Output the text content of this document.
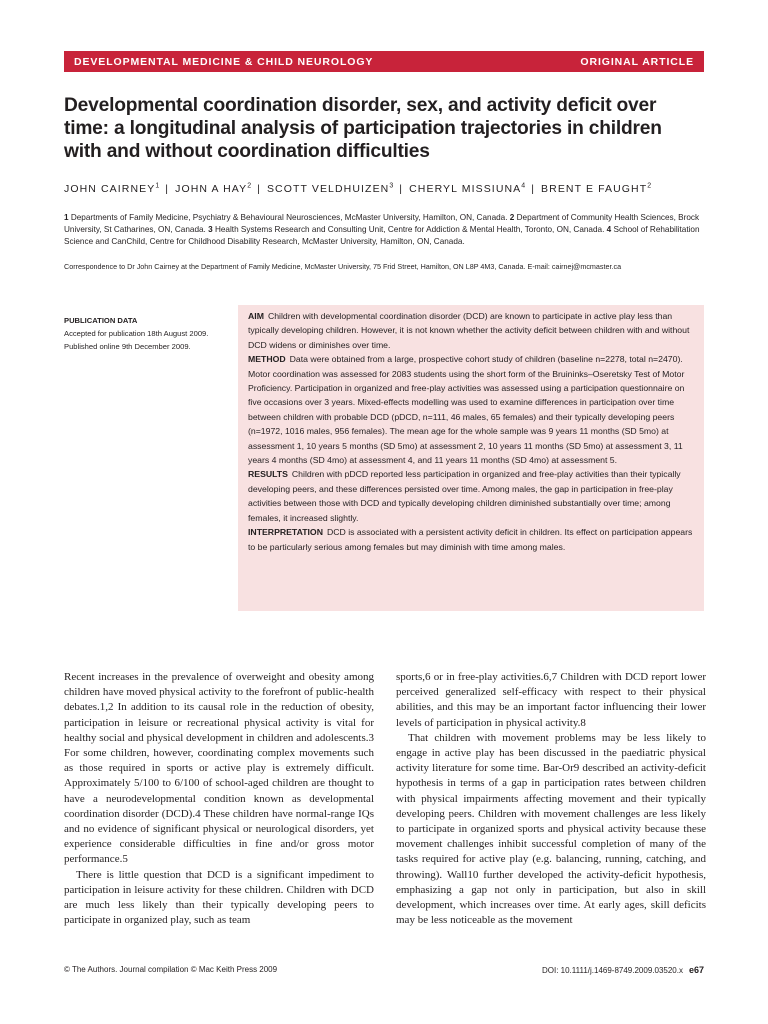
DEVELOPMENTAL MEDICINE & CHILD NEUROLOGY	ORIGINAL ARTICLE
Developmental coordination disorder, sex, and activity deficit over time: a longitudinal analysis of participation trajectories in children with and without coordination difficulties
JOHN CAIRNEY$^1$ | JOHN A HAY$^2$ | SCOTT VELDHUIZEN$^3$ | CHERYL MISSIUNA$^4$ | BRENT E FAUGHT$^2$
1 Departments of Family Medicine, Psychiatry & Behavioural Neurosciences, McMaster University, Hamilton, ON, Canada. 2 Department of Community Health Sciences, Brock University, St Catharines, ON, Canada. 3 Health Systems Research and Consulting Unit, Centre for Addiction & Mental Health, Toronto, ON, Canada. 4 School of Rehabilitation Science and CanChild, Centre for Childhood Disability Research, McMaster University, Hamilton, ON, Canada.
Correspondence to Dr John Cairney at the Department of Family Medicine, McMaster University, 75 Frid Street, Hamilton, ON L8P 4M3, Canada. E-mail: cairnej@mcmaster.ca
PUBLICATION DATA
Accepted for publication 18th August 2009.
Published online 9th December 2009.

AIM Children with developmental coordination disorder (DCD) are known to participate in active play less than typically developing children. However, it is not known whether the activity deficit between children with and without DCD widens or diminishes over time.

METHOD Data were obtained from a large, prospective cohort study of children (baseline n=2278, total n=2470). Motor coordination was assessed for 2083 students using the short form of the Bruininks–Oseretsky Test of Motor Proficiency. Participation in organized and free-play activities was assessed using a participation questionnaire on five occasions over 3 years. Mixed-effects modelling was used to examine differences in participation over time between children with probable DCD (pDCD, n=111, 46 males, 65 females) and their typically developing peers (n=1972, 1016 males, 956 females). The mean age for the whole sample was 9 years 11 months (SD 5mo) at assessment 1, 10 years 5 months (SD 5mo) at assessment 2, 10 years 11 months (SD 5mo) at assessment 3, 11 years 4 months (SD 4mo) at assessment 4, and 11 years 11 months (SD 4mo) at assessment 5.

RESULTS Children with pDCD reported less participation in organized and free-play activities than their typically developing peers, and these differences persisted over time. Among males, the gap in participation in free-play activities between those with DCD and typically developing children diminished substantially over time; among females, it increased slightly.

INTERPRETATION DCD is associated with a persistent activity deficit in children. Its effect on participation appears to be particularly serious among females but may diminish with time among males.

Recent increases in the prevalence of overweight and obesity among children have moved physical activity to the forefront of public-health debates.1,2 In addition to its causal role in the reduction of obesity, participation in leisure or recreational physical activity is vital for healthy social and physical development in children and adolescents.3 For some children, however, coordinating complex movements such as those required in sports or active play is extremely difficult. Approximately 5/100 to 6/100 of school-aged children are thought to have a neurodevelopmental condition known as developmental coordination disorder (DCD).4 These children have normal-range IQs and no evidence of significant physical or neurological disorders, yet experience considerable difficulties in fine and/or gross motor performance.5

There is little question that DCD is a significant impediment to participation in leisure activity for these children. Children with DCD are much less likely than their typically developing peers to participate in organized play, such as team

sports,6 or in free-play activities.6,7 Children with DCD report lower perceived generalized self-efficacy with respect to their physical abilities, and this may be an important factor influencing their lower levels of participation in physical activity.8

That children with movement problems may be less likely to engage in active play has been discussed in the paediatric physical activity literature for some time. Bar-Or9 described an activity-deficit hypothesis in terms of a gap in participation rates between children with physical impairments affecting movement and their typically developing peers. Children with movement challenges are less likely to participate in organized sports and physical activity because these movement challenges inhibit successful completion of many of the tasks required for active play (e.g. balancing, running, catching, and throwing). Wall10 further developed the activity-deficit hypothesis, emphasizing a gap not only in participation, but also in skill development, which increases over time. At early ages, skill deficits may be less noticeable as the movement

© The Authors. Journal compilation © Mac Keith Press 2009	DOI: 10.1111/j.1469-8749.2009.03520.x e67
